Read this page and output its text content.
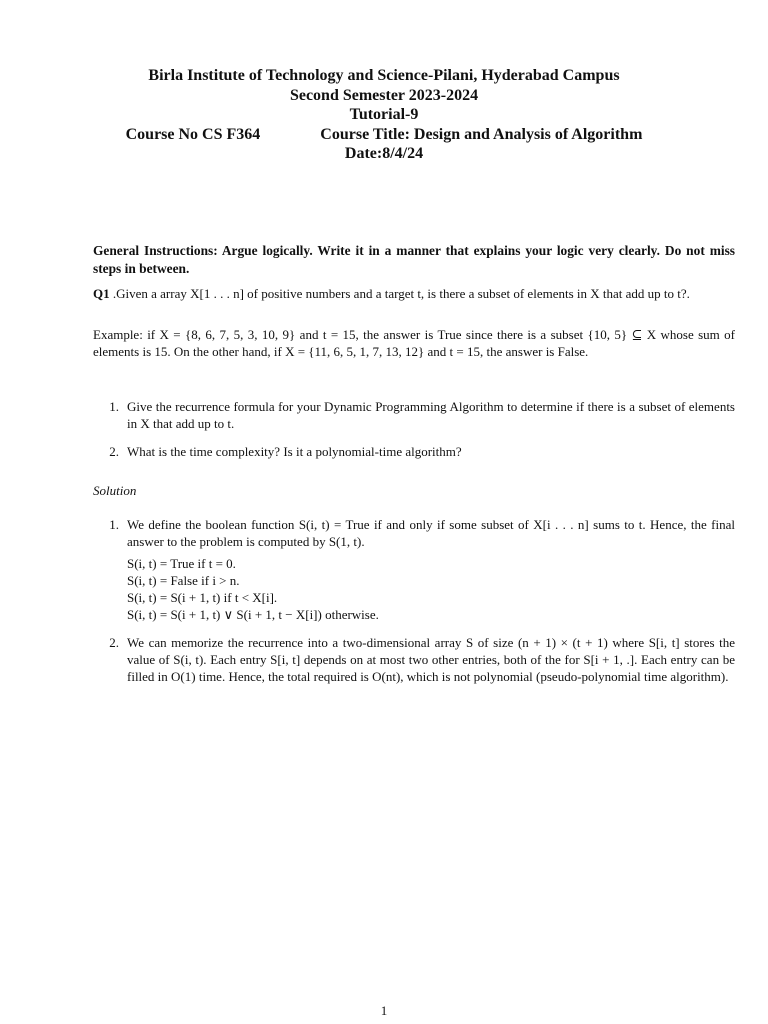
Birla Institute of Technology and Science-Pilani, Hyderabad Campus
Second Semester 2023-2024
Tutorial-9
Course No CS F364	Course Title: Design and Analysis of Algorithm
Date:8/4/24

General Instructions: Argue logically. Write it in a manner that explains your logic very clearly. Do not miss steps in between.

Q1 .Given a array X[1 . . . n] of positive numbers and a target t, is there a subset of elements in X that add up to t?.

Example: if X = {8, 6, 7, 5, 3, 10, 9} and t = 15, the answer is True since there is a subset {10, 5} ⊆ X whose sum of elements is 15. On the other hand, if X = {11, 6, 5, 1, 7, 13, 12} and t = 15, the answer is False.

1. Give the recurrence formula for your Dynamic Programming Algorithm to determine if there is a subset of elements in X that add up to t.
2. What is the time complexity? Is it a polynomial-time algorithm?

Solution

1. We define the boolean function S(i, t) = True if and only if some subset of X[i . . . n] sums to t. Hence, the final answer to the problem is computed by S(1, t).

S(i, t) = True if t = 0.
S(i, t) = False if i > n.
S(i, t) = S(i + 1, t) if t < X[i].
S(i, t) = S(i + 1, t) ∨ S(i + 1, t − X[i]) otherwise.
2. We can memorize the recurrence into a two-dimensional array S of size (n + 1) × (t + 1) where S[i, t] stores the value of S(i, t). Each entry S[i, t] depends on at most two other entries, both of the for S[i + 1, .]. Each entry can be filled in O(1) time. Hence, the total required is O(nt), which is not polynomial (pseudo-polynomial time algorithm).
1
